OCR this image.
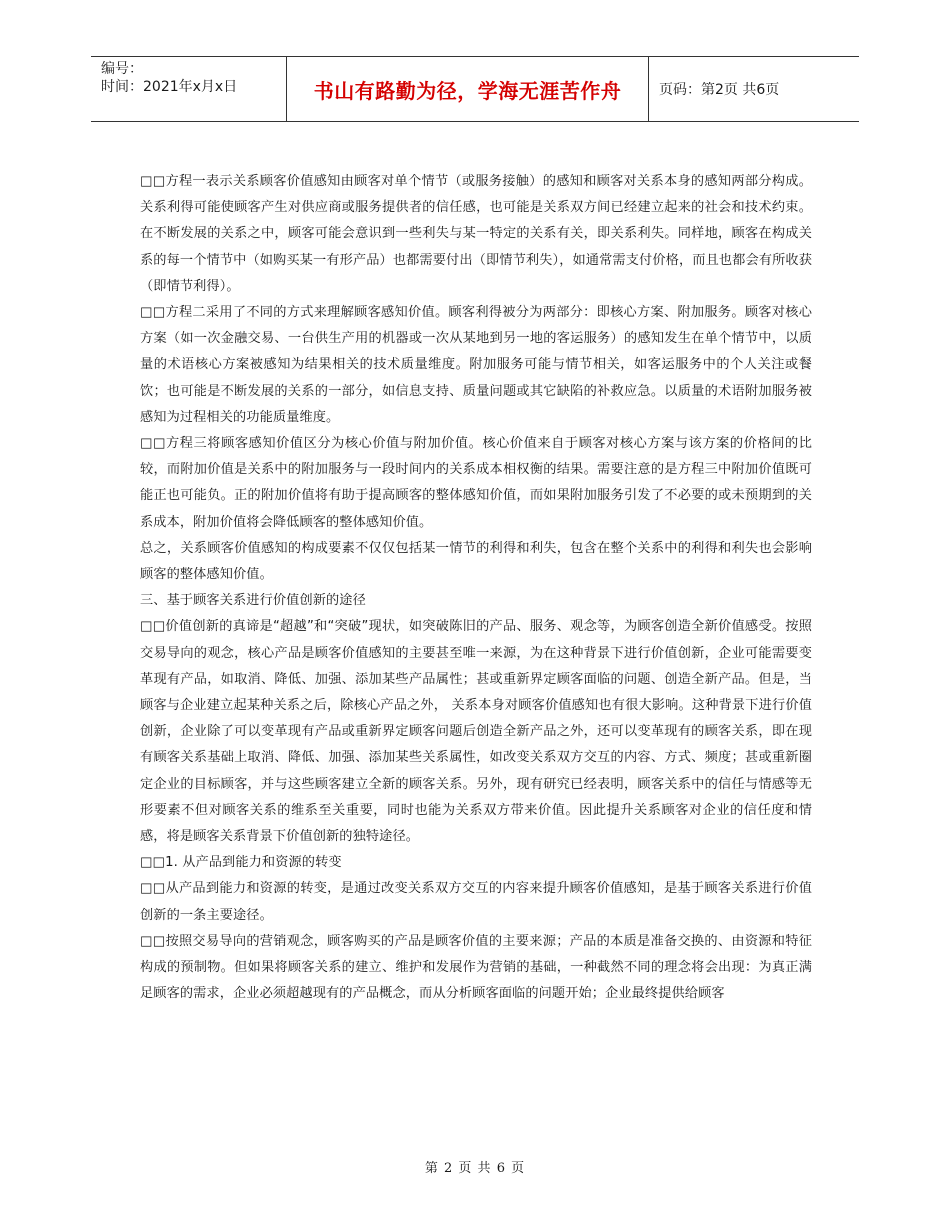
编号：
时间：2021年x月x日	书山有路勤为径，学海无涯苦作舟	页码：第2页 共6页

□□方程一表示关系顾客价值感知由顾客对单个情节（或服务接触）的感知和顾客对关系本身的感知两部分构成。关系利得可能使顾客产生对供应商或服务提供者的信任感，也可能是关系双方间已经建立起来的社会和技术约束。在不断发展的关系之中，顾客可能会意识到一些利失与某一特定的关系有关，即关系利失。同样地，顾客在构成关系的每一个情节中（如购买某一有形产品）也都需要付出（即情节利失），如通常需支付价格，而且也都会有所收获（即情节利得）。

□□方程二采用了不同的方式来理解顾客感知价值。顾客利得被分为两部分：即核心方案、附加服务。顾客对核心方案（如一次金融交易、一台供生产用的机器或一次从某地到另一地的客运服务）的感知发生在单个情节中，以质量的术语核心方案被感知为结果相关的技术质量维度。附加服务可能与情节相关，如客运服务中的个人关注或餐饮；也可能是不断发展的关系的一部分，如信息支持、质量问题或其它缺陷的补救应急。以质量的术语附加服务被感知为过程相关的功能质量维度。

□□方程三将顾客感知价值区分为核心价值与附加价值。核心价值来自于顾客对核心方案与该方案的价格间的比较，而附加价值是关系中的附加服务与一段时间内的关系成本相权衡的结果。需要注意的是方程三中附加价值既可能正也可能负。正的附加价值将有助于提高顾客的整体感知价值，而如果附加服务引发了不必要的或未预期到的关系成本，附加价值将会降低顾客的整体感知价值。

总之，关系顾客价值感知的构成要素不仅仅包括某一情节的利得和利失，包含在整个关系中的利得和利失也会影响顾客的整体感知价值。

三、基于顾客关系进行价值创新的途径

□□价值创新的真谛是“超越”和“突破”现状，如突破陈旧的产品、服务、观念等，为顾客创造全新价值感受。按照交易导向的观念，核心产品是顾客价值感知的主要甚至唯一来源，为在这种背景下进行价值创新，企业可能需要变革现有产品，如取消、降低、加强、添加某些产品属性；甚或重新界定顾客面临的问题、创造全新产品。但是，当顾客与企业建立起某种关系之后，除核心产品之外， 关系本身对顾客价值感知也有很大影响。这种背景下进行价值创新，企业除了可以变革现有产品或重新界定顾客问题后创造全新产品之外，还可以变革现有的顾客关系，即在现有顾客关系基础上取消、降低、加强、添加某些关系属性，如改变关系双方交互的内容、方式、频度；甚或重新圈定企业的目标顾客，并与这些顾客建立全新的顾客关系。另外，现有研究已经表明，顾客关系中的信任与情感等无形要素不但对顾客关系的维系至关重要，同时也能为关系双方带来价值。因此提升关系顾客对企业的信任度和情感，将是顾客关系背景下价值创新的独特途径。

□□1. 从产品到能力和资源的转变

□□从产品到能力和资源的转变，是通过改变关系双方交互的内容来提升顾客价值感知，是基于顾客关系进行价值创新的一条主要途径。

□□按照交易导向的营销观念，顾客购买的产品是顾客价值的主要来源；产品的本质是准备交换的、由资源和特征构成的预制物。但如果将顾客关系的建立、维护和发展作为营销的基础，一种截然不同的理念将会出现：为真正满足顾客的需求，企业必须超越现有的产品概念，而从分析顾客面临的问题开始；企业最终提供给顾客

第 2 页 共 6 页
